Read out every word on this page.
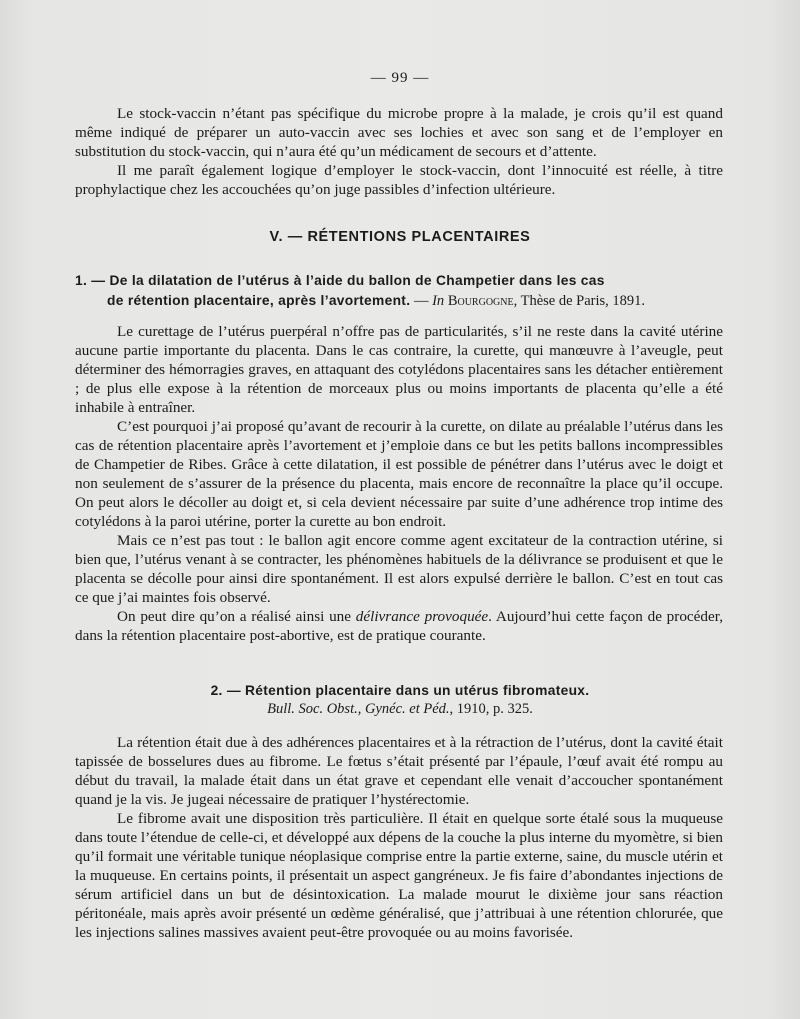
— 99 —

Le stock-vaccin n’étant pas spécifique du microbe propre à la malade, je crois qu’il est quand même indiqué de préparer un auto-vaccin avec ses lochies et avec son sang et de l’employer en substitution du stock-vaccin, qui n’aura été qu’un médicament de secours et d’attente.

Il me paraît également logique d’employer le stock-vaccin, dont l’innocuité est réelle, à titre prophylactique chez les accouchées qu’on juge passibles d’infection ultérieure.

V. — RÉTENTIONS PLACENTAIRES
1. — De la dilatation de l’utérus à l’aide du ballon de Champetier dans les cas
de rétention placentaire, après l’avortement. — In Bourgogne, Thèse de Paris, 1891.

Le curettage de l’utérus puerpéral n’offre pas de particularités, s’il ne reste dans la cavité utérine aucune partie importante du placenta. Dans le cas contraire, la curette, qui manœuvre à l’aveugle, peut déterminer des hémorragies graves, en attaquant des cotylédons placentaires sans les détacher entièrement ; de plus elle expose à la rétention de morceaux plus ou moins importants de placenta qu’elle a été inhabile à entraîner.

C’est pourquoi j’ai proposé qu’avant de recourir à la curette, on dilate au préalable l’utérus dans les cas de rétention placentaire après l’avortement et j’emploie dans ce but les petits ballons incompressibles de Champetier de Ribes. Grâce à cette dilatation, il est possible de pénétrer dans l’utérus avec le doigt et non seulement de s’assurer de la présence du placenta, mais encore de reconnaître la place qu’il occupe. On peut alors le décoller au doigt et, si cela devient nécessaire par suite d’une adhérence trop intime des cotylédons à la paroi utérine, porter la curette au bon endroit.

Mais ce n’est pas tout : le ballon agit encore comme agent excitateur de la contraction utérine, si bien que, l’utérus venant à se contracter, les phénomènes habituels de la délivrance se produisent et que le placenta se décolle pour ainsi dire spontanément. Il est alors expulsé derrière le ballon. C’est en tout cas ce que j’ai maintes fois observé.

On peut dire qu’on a réalisé ainsi une délivrance provoquée. Aujourd’hui cette façon de procéder, dans la rétention placentaire post-abortive, est de pratique courante.

2. — Rétention placentaire dans un utérus fibromateux.
Bull. Soc. Obst., Gynéc. et Péd., 1910, p. 325.

La rétention était due à des adhérences placentaires et à la rétraction de l’utérus, dont la cavité était tapissée de bosselures dues au fibrome. Le fœtus s’était présenté par l’épaule, l’œuf avait été rompu au début du travail, la malade était dans un état grave et cependant elle venait d’accoucher spontanément quand je la vis. Je jugeai nécessaire de pratiquer l’hystérectomie.

Le fibrome avait une disposition très particulière. Il était en quelque sorte étalé sous la muqueuse dans toute l’étendue de celle-ci, et développé aux dépens de la couche la plus interne du myomètre, si bien qu’il formait une véritable tunique néoplasique comprise entre la partie externe, saine, du muscle utérin et la muqueuse. En certains points, il présentait un aspect gangréneux. Je fis faire d’abondantes injections de sérum artificiel dans un but de désintoxication. La malade mourut le dixième jour sans réaction péritonéale, mais après avoir présenté un œdème généralisé, que j’attribuai à une rétention chlorurée, que les injections salines massives avaient peut-être provoquée ou au moins favorisée.
